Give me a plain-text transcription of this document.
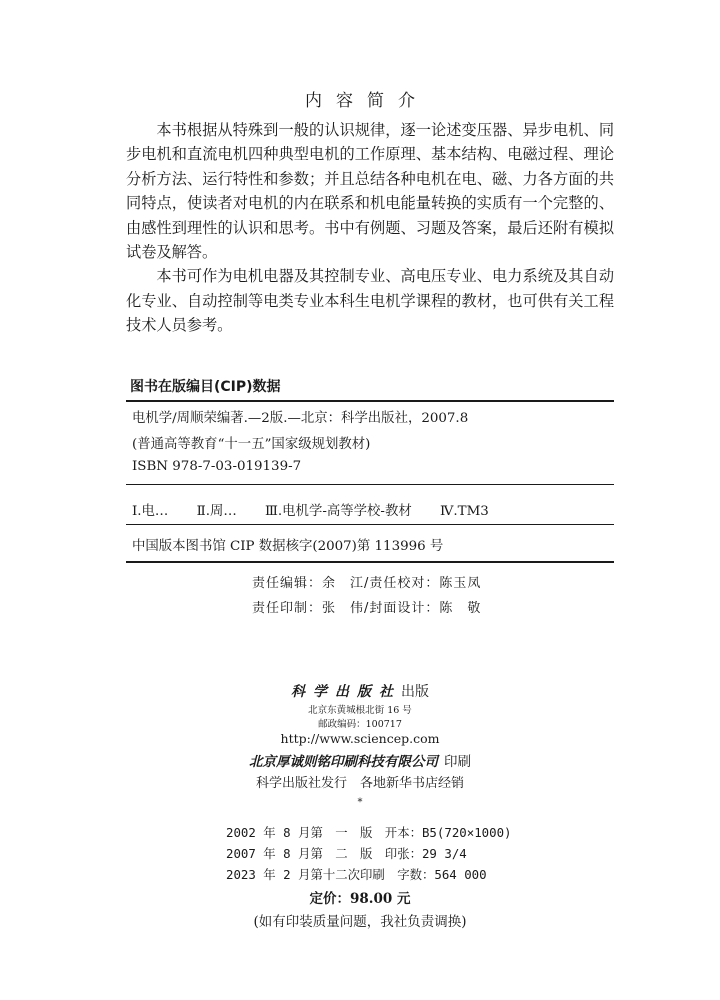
内容简介

本书根据从特殊到一般的认识规律，逐一论述变压器、异步电机、同步电机和直流电机四种典型电机的工作原理、基本结构、电磁过程、理论分析方法、运行特性和参数；并且总结各种电机在电、磁、力各方面的共同特点，使读者对电机的内在联系和机电能量转换的实质有一个完整的、由感性到理性的认识和思考。书中有例题、习题及答案，最后还附有模拟试卷及解答。

本书可作为电机电器及其控制专业、高电压专业、电力系统及其自动化专业、自动控制等电类专业本科生电机学课程的教材，也可供有关工程技术人员参考。

图书在版编目(CIP)数据
电机学/周顺荣编著.—2版.—北京：科学出版社，2007.8
(普通高等教育“十一五”国家级规划教材)
ISBN 978-7-03-019139-7
Ⅰ.电… Ⅱ.周… Ⅲ.电机学-高等学校-教材 Ⅳ.TM3
中国版本图书馆 CIP 数据核字(2007)第 113996 号
责任编辑：余　江/责任校对：陈玉凤
责任印制：张　伟/封面设计：陈　敬
科学出版社出版
北京东黄城根北街 16 号
邮政编码：100717
http://www.sciencep.com
北京厚诚则铭印刷科技有限公司 印刷
科学出版社发行　各地新华书店经销
*
2002 年 8 月第　一　版　开本：B5(720×1000)
2007 年 8 月第　二　版　印张：29 3/4
2023 年 2 月第十二次印刷　字数：564 000
定价：98.00 元
(如有印装质量问题，我社负责调换)
